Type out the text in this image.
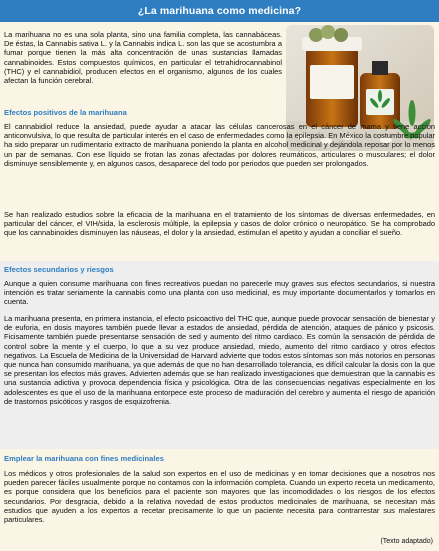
¿La marihuana como medicina?

La marihuana no es una sola planta, sino una familia completa, las cannabáceas. De éstas, la Cannabis sativa L. y la Cannabis indica L. son las que se acostumbra a fumar porque tienen la más alta concentración de unas sustancias llamadas cannabinoides. Estos compuestos químicos, en particular el tetrahidrocannabinol (THC) y el cannabidiol, producen efectos en el organismo, algunos de los cuales afectan la función cerebral.

Efectos positivos de la marihuana

El cannabidiol reduce la ansiedad, puede ayudar a atacar las células cancerosas en el cáncer de mama y tiene acción anticonvulsiva, lo que resulta de particular interés en el caso de enfermedades como la epilepsia. En México la costumbre popular ha sido preparar un rudimentario extracto de marihuana poniendo la planta en alcohol medicinal y dejándola reposar por lo menos un par de semanas. Con ese líquido se frotan las zonas afectadas por dolores reumáticos, articulares o musculares; el dolor disminuye sensiblemente y, en algunos casos, desaparece del todo por periodos que pueden ser prolongados.

Se han realizado estudios sobre la eficacia de la marihuana en el tratamiento de los síntomas de diversas enfermedades, en particular del cáncer, el VIH/sida, la esclerosis múltiple, la epilepsia y casos de dolor crónico o neuropático. Se ha comprobado que los cannabinoides disminuyen las náuseas, el dolor y la ansiedad, estimulan el apetito y ayudan a conciliar el sueño.

Efectos secundarios y riesgos

Aunque a quien consume marihuana con fines recreativos puedan no parecerle muy graves sus efectos secundarios, si nuestra intención es tratar seriamente la cannabis como una planta con uso medicinal, es muy importante documentarlos y tomarlos en cuenta.

La marihuana presenta, en primera instancia, el efecto psicoactivo del THC que, aunque puede provocar sensación de bienestar y de euforia, en dosis mayores también puede llevar a estados de ansiedad, pérdida de atención, ataques de pánico y psicosis. Ficisamente también puede presentarse sensación de sed y aumento del ritmo cardiaco. Es común la sensación de pérdida de control sobre la mente y el cuerpo, lo que a su vez produce ansiedad, miedo, aumento del ritmo cardiaco y otros efectos negativos. La Escuela de Medicina de la Universidad de Harvard advierte que todos estos síntomas son más notorios en personas que nunca han consumido marihuana, ya que además de que no han desarrollado tolerancia, es difícil calcular la dosis con la que se presentan los efectos más graves. Advierten además que se han realizado investigaciones que demuestran que la cannabis es una sustancia adictiva y provoca dependencia física y psicológica. Otra de las consecuencias negativas especialmente en los adolescentes es que el uso de la marihuana entorpece este proceso de maduración del cerebro y aumenta el riesgo de aparición de trastornos psicóticos y rasgos de esquizofrenia.

Emplear la marihuana con fines medicinales

Los médicos y otros profesionales de la salud son expertos en el uso de medicinas y en tomar decisiones que a nosotros nos pueden parecer fáciles usualmente porque no contamos con la información completa. Cuando un experto receta un medicamento, es porque considera que los beneficios para el paciente son mayores que las incomodidades o los riesgos de los efectos secundarios. Por desgracia, debido a la relativa novedad de estos productos medicinales de marihuana, se necesitan más estudios que ayuden a los expertos a recetar precisamente lo que un paciente necesita para contrarrestar sus malestares particulares.

(Texto adaptado)
